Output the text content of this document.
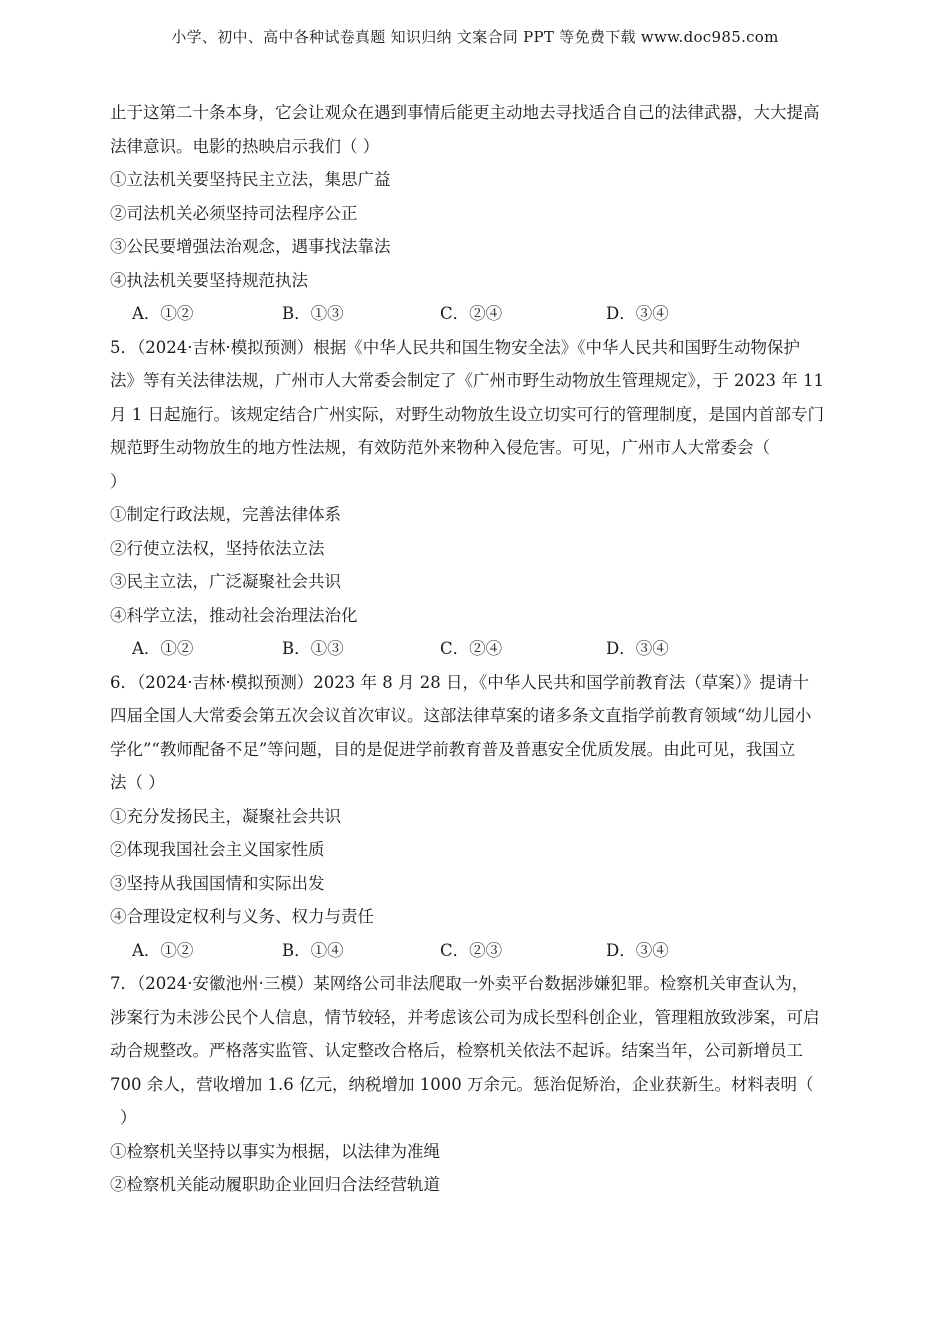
小学、初中、高中各种试卷真题 知识归纳 文案合同 PPT 等免费下载 www.doc985.com
止于这第二十条本身，它会让观众在遇到事情后能更主动地去寻找适合自己的法律武器，大大提高
法律意识。电影的热映启示我们（ ）
①立法机关要坚持民主立法，集思广益
②司法机关必须坚持司法程序公正
③公民要增强法治观念，遇事找法靠法
④执法机关要坚持规范执法
A．①②	B．①③	C．②④	D．③④
5．（2024·吉林·模拟预测）根据《中华人民共和国生物安全法》《中华人民共和国野生动物保护
法》等有关法律法规，广州市人大常委会制定了《广州市野生动物放生管理规定》，于 2023 年 11
月 1 日起施行。该规定结合广州实际，对野生动物放生设立切实可行的管理制度，是国内首部专门
规范野生动物放生的地方性法规，有效防范外来物种入侵危害。可见，广州市人大常委会（
）
①制定行政法规，完善法律体系
②行使立法权，坚持依法立法
③民主立法，广泛凝聚社会共识
④科学立法，推动社会治理法治化
A．①②	B．①③	C．②④	D．③④
6．（2024·吉林·模拟预测）2023 年 8 月 28 日，《中华人民共和国学前教育法（草案）》提请十
四届全国人大常委会第五次会议首次审议。这部法律草案的诸多条文直指学前教育领域“幼儿园小
学化”“教师配备不足”等问题，目的是促进学前教育普及普惠安全优质发展。由此可见，我国立
法（ ）
①充分发扬民主，凝聚社会共识
②体现我国社会主义国家性质
③坚持从我国国情和实际出发
④合理设定权利与义务、权力与责任
A．①②	B．①④	C．②③	D．③④
7．（2024·安徽池州·三模）某网络公司非法爬取一外卖平台数据涉嫌犯罪。检察机关审查认为，
涉案行为未涉公民个人信息，情节较轻，并考虑该公司为成长型科创企业，管理粗放致涉案，可启
动合规整改。严格落实监管、认定整改合格后，检察机关依法不起诉。结案当年，公司新增员工
700 余人，营收增加 1.6 亿元，纳税增加 1000 万余元。惩治促矫治，企业获新生。材料表明（
）
①检察机关坚持以事实为根据，以法律为准绳
②检察机关能动履职助企业回归合法经营轨道
